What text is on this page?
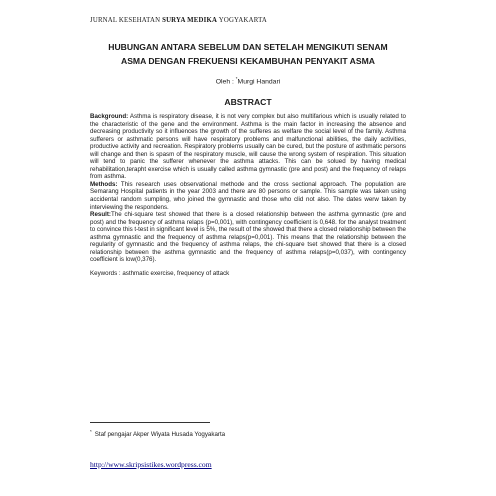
JURNAL KESEHATAN SURYA MEDIKA YOGYAKARTA
HUBUNGAN ANTARA SEBELUM DAN SETELAH MENGIKUTI SENAM
ASMA DENGAN FREKUENSI KEKAMBUHAN PENYAKIT ASMA
Oleh : *Murgi Handari
ABSTRACT

Background: Asthma is respiratory disease, it is not very complex but also multifarious which is usually related to the characteristic of the gene and the environment. Asthma is the main factor in increasing the absence and decreasing productivity so it influences the growth of the sufferes as welfare the social level of the family. Asthma sufferers or asthmatic persons will have respiratory problems and malfunctional abilities, the daily activities, productive activity and recreation. Respiratory problems usually can be cured, but the posture of asthmatic persons will change and then is spasm of the respiratory muscle, will cause the wrong system of respiration. This situation will tend to panic the sufferer whenever the asthma attacks. This can be solued by having medical rehabilitation,terapht exercise which is usually called asthma gymnastic (pre and post) and the frequency of relaps from asthma.

Methods: This research uses observational methode and the cross sectional approach. The population are Semarang Hospital patients in the year 2003 and there are 80 persons or sample. This sample was taken using accidental random sumpling, who joined the gymnastic and those who clid not also. The dates werw taken by interviewing the respondens.

Result:The chi-square test showed that there is a closed relationship between the asthma gymnastic (pre and post) and the frequency of asthma relaps (p=0,001), with contingency coefficient is 0,648. for the analyst treatment to convince this t-test in significant level is 5%, the result of the showed that there a closed relationship between the asthma gymnastic and the frequency of asthma relaps(p=0,001). This means that the relationship between the regularity of gymnastic and the frequency of asthma relaps, the chi-square tset showed that there is a closed relationship between the asthma gymnastic and the frequency of asthma relaps(p=0,037), with contingency coefficient is low(0,376).

Keywords : asthmatic exercise, frequency of attack
* Staf pengajar Akper Wiyata Husada Yogyakarta
http://www.skripsistikes.wordpress.com
